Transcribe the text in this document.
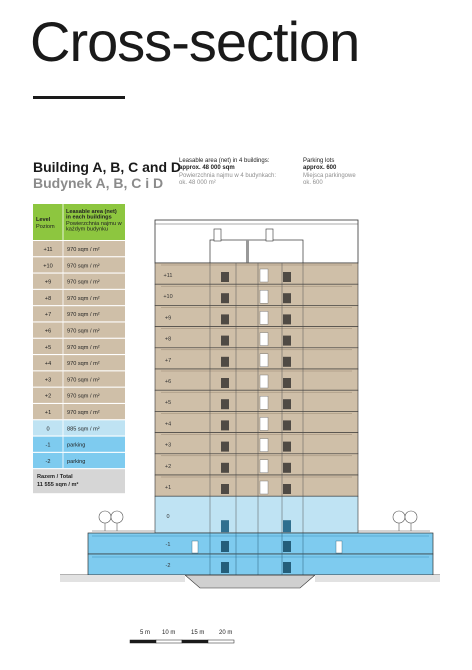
Cross-section
Building A, B, C and D
Budynek A, B, C i D
Leasable area (net) in 4 buildings:
approx. 48 000 sqm
Powierzchnia najmu w 4 budynkach:
ok. 48 000 m²
Parking lots
approx. 600
Miejsca parkingowe
ok. 600
Level
Poziom
Leasable area (net) in each buildings
Powierzchnia najmu w każdym budynku
+11	970 sqm / m²
+10	970 sqm / m²
+9	970 sqm / m²
+8	970 sqm / m²
+7	970 sqm / m²
+6	970 sqm / m²
+5	970 sqm / m²
+4	970 sqm / m²
+3	970 sqm / m²
+2	970 sqm / m²
+1	970 sqm / m²
0	885 sqm / m²
-1	parking
-2	parking
Razem / Total
11 555 sqm / m²
+11
+10
+9
+8
+7
+6
+5
+4
+3
+2
+1
0
-1
-2
5 m 10 m	15 m 20 m
